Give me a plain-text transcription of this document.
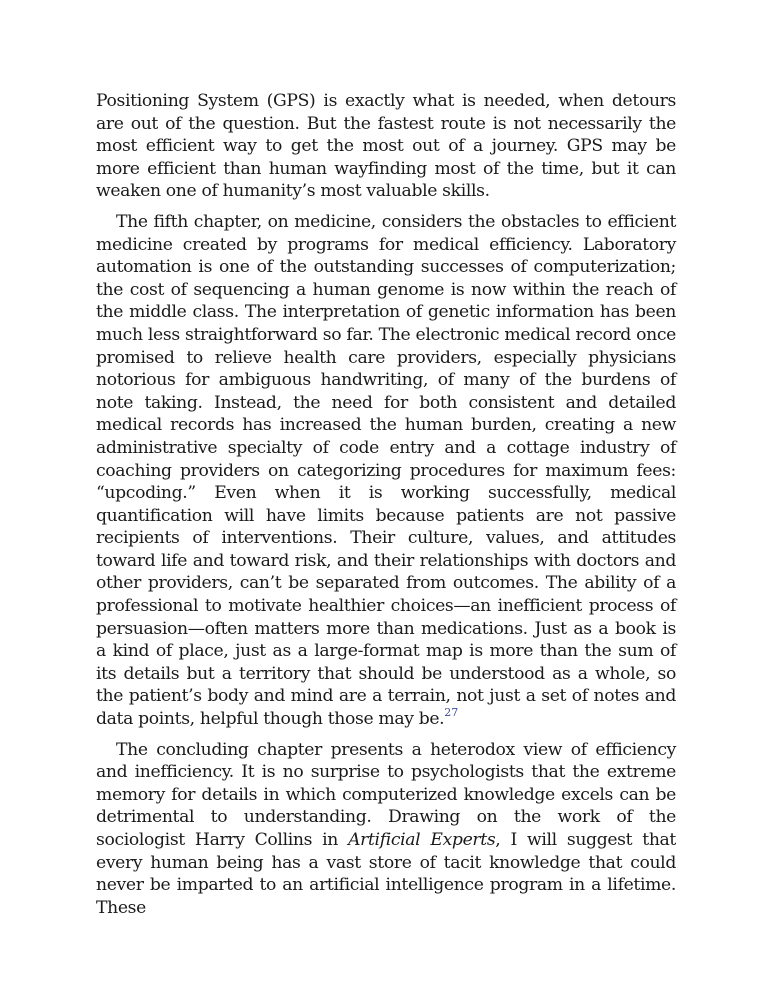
Positioning System (GPS) is exactly what is needed, when detours are out of the question. But the fastest route is not necessarily the most efficient way to get the most out of a journey. GPS may be more efficient than human wayfinding most of the time, but it can weaken one of humanity’s most valuable skills.

The fifth chapter, on medicine, considers the obstacles to efficient medicine created by programs for medical efficiency. Laboratory automation is one of the outstanding successes of computerization; the cost of sequencing a human genome is now within the reach of the middle class. The interpretation of genetic information has been much less straightforward so far. The electronic medical record once promised to relieve health care providers, especially physicians notorious for ambiguous handwriting, of many of the burdens of note taking. Instead, the need for both consistent and detailed medical records has increased the human burden, creating a new administrative specialty of code entry and a cottage industry of coaching providers on categorizing procedures for maximum fees: “upcoding.” Even when it is working successfully, medical quantification will have limits because patients are not passive recipients of interventions. Their culture, values, and attitudes toward life and toward risk, and their relationships with doctors and other providers, can’t be separated from outcomes. The ability of a professional to motivate healthier choices—an inefficient process of persuasion—often matters more than medications. Just as a book is a kind of place, just as a large-format map is more than the sum of its details but a territory that should be understood as a whole, so the patient’s body and mind are a terrain, not just a set of notes and data points, helpful though those may be.$^{27}$

The concluding chapter presents a heterodox view of efficiency and inefficiency. It is no surprise to psychologists that the extreme memory for details in which computerized knowledge excels can be detrimental to understanding. Drawing on the work of the sociologist Harry Collins in Artificial Experts, I will suggest that every human being has a vast store of tacit knowledge that could never be imparted to an artificial intelligence program in a lifetime. These
